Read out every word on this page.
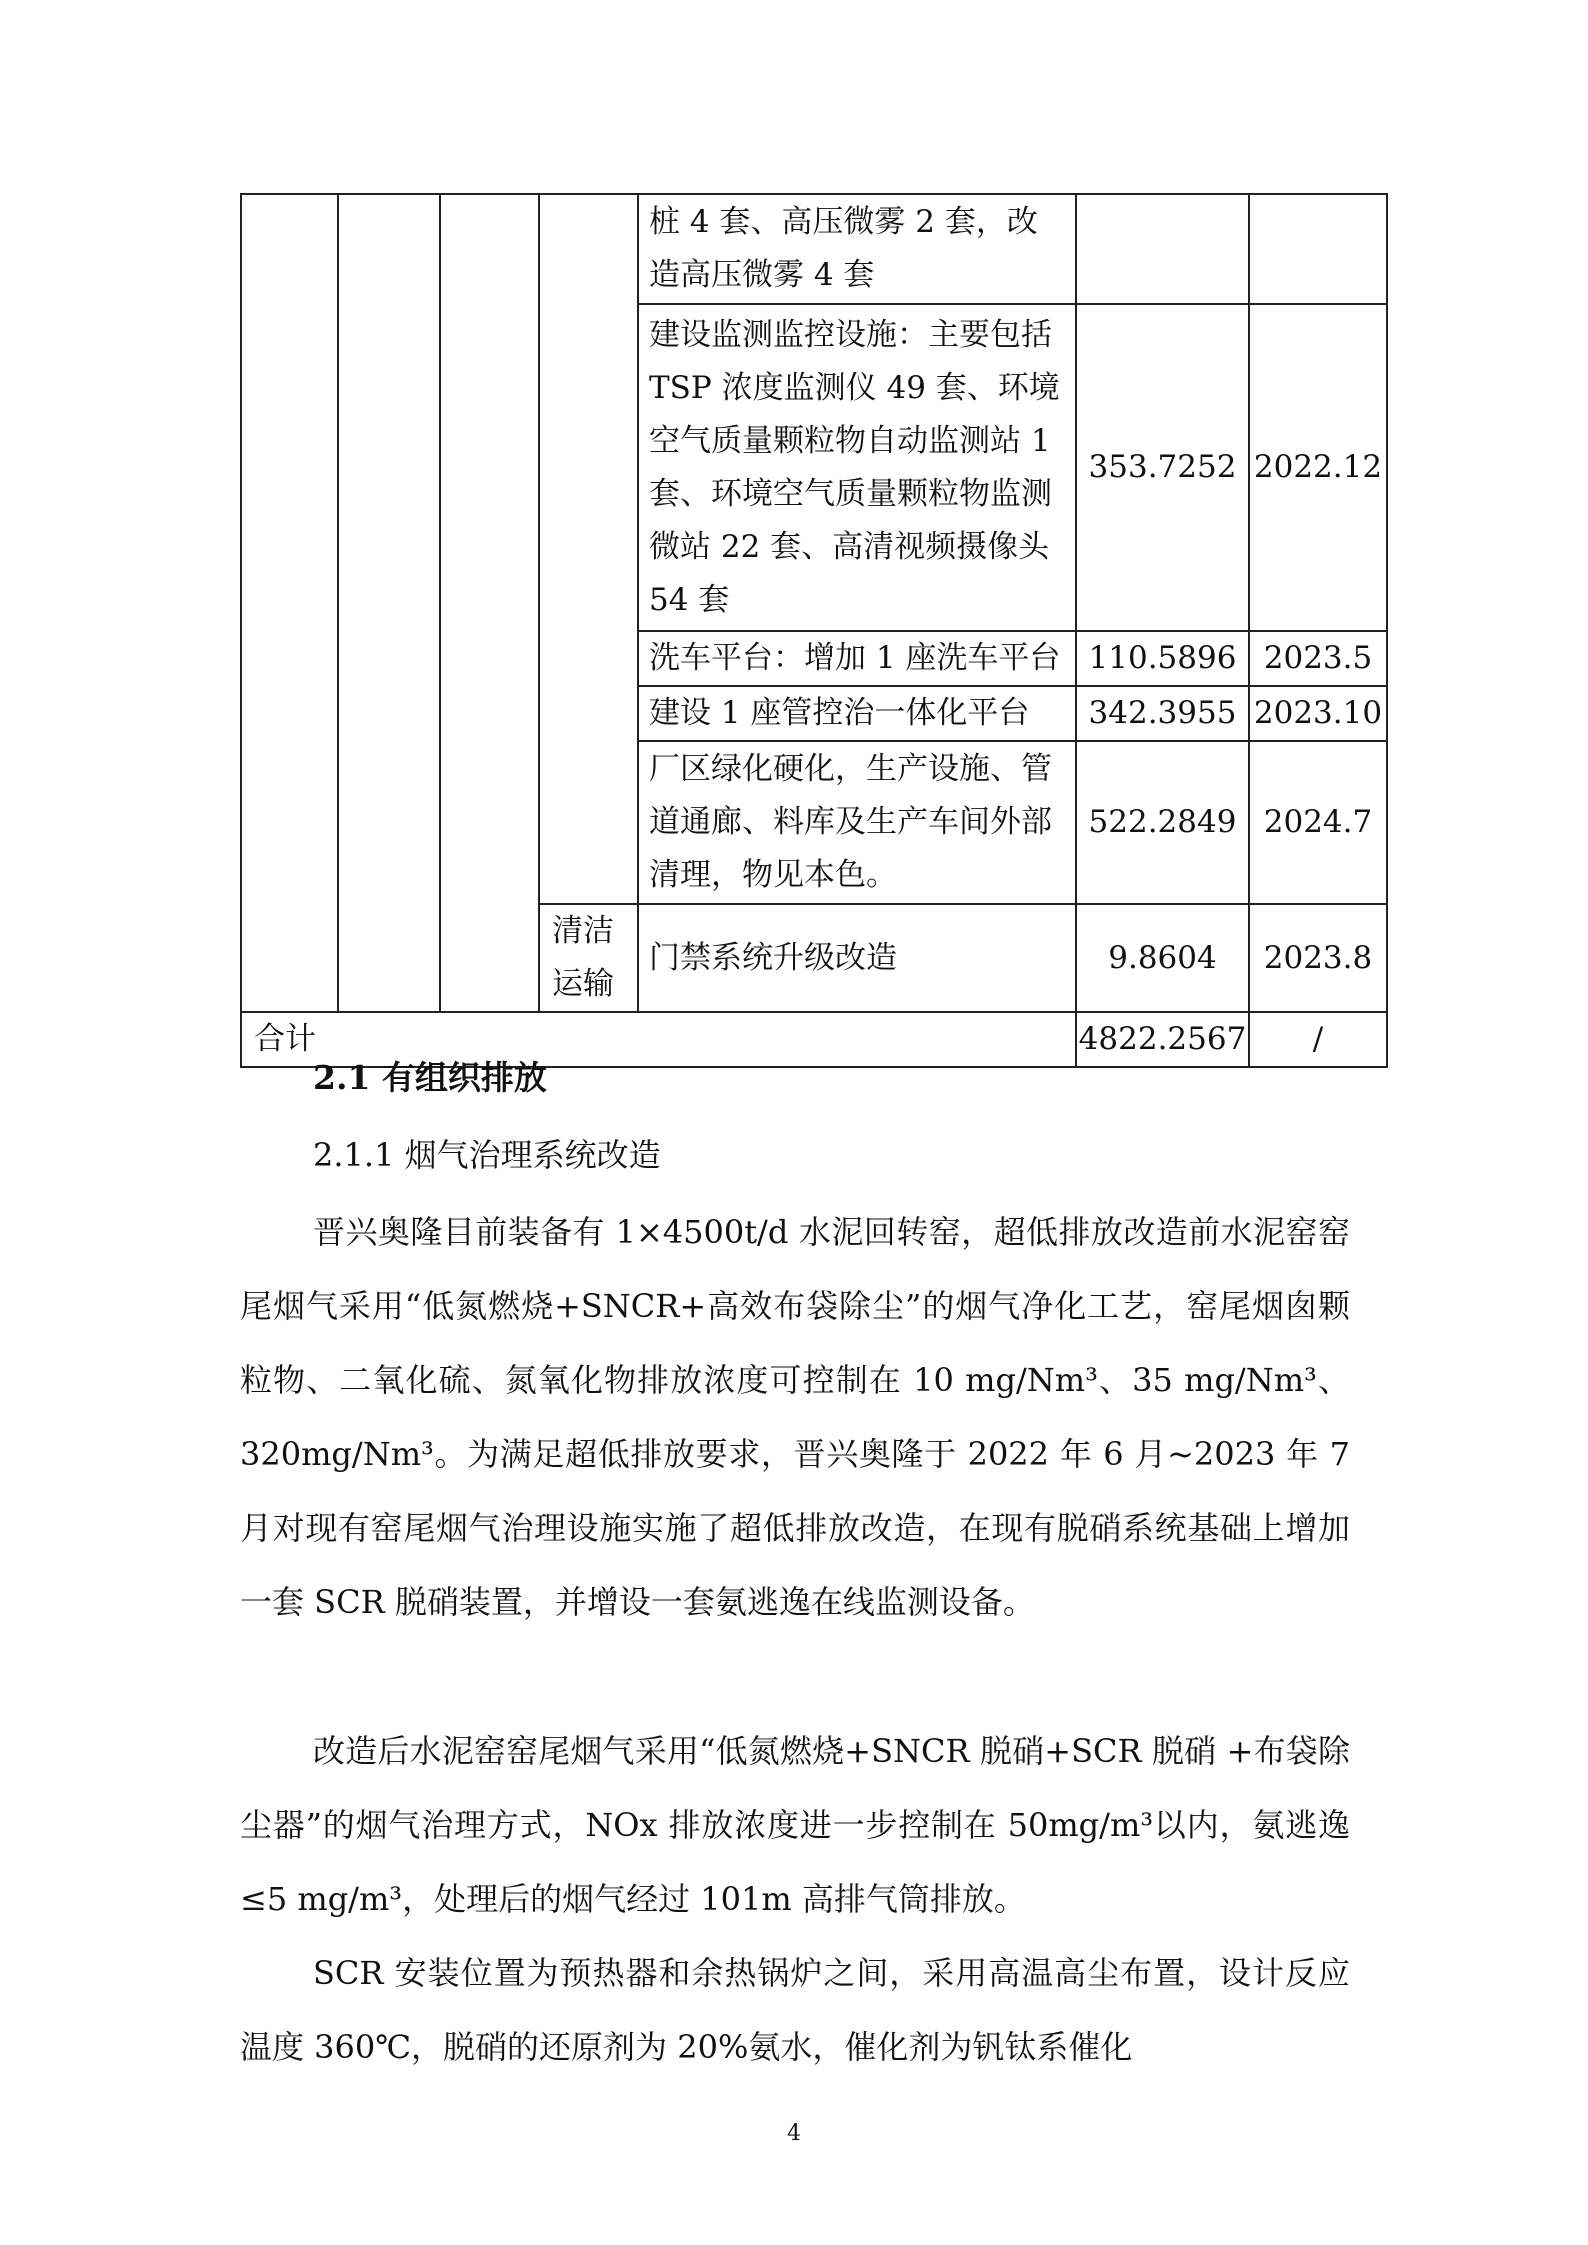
				桩 4 套、高压微雾 2 套，改造高压微雾 4 套		
				建设监测监控设施：主要包括 TSP 浓度监测仪 49 套、环境空气质量颗粒物自动监测站 1 套、环境空气质量颗粒物监测微站 22 套、高清视频摄像头 54 套	353.7252	2022.12
				洗车平台：增加 1 座洗车平台	110.5896	2023.5
				建设 1 座管控治一体化平台	342.3955	2023.10
				厂区绿化硬化，生产设施、管道通廊、料库及生产车间外部清理，物见本色。	522.2849	2024.7
			清洁运输	门禁系统升级改造	9.8604	2023.8
合计					4822.2567	/
2.1 有组织排放
2.1.1 烟气治理系统改造

晋兴奥隆目前装备有 1×4500t/d 水泥回转窑，超低排放改造前水泥窑窑尾烟气采用“低氮燃烧+SNCR+高效布袋除尘”的烟气净化工艺，窑尾烟囱颗粒物、二氧化硫、氮氧化物排放浓度可控制在 10 mg/Nm³、35 mg/Nm³、320mg/Nm³。为满足超低排放要求，晋兴奥隆于 2022 年 6 月~2023 年 7 月对现有窑尾烟气治理设施实施了超低排放改造，在现有脱硝系统基础上增加一套 SCR 脱硝装置，并增设一套氨逃逸在线监测设备。

改造后水泥窑窑尾烟气采用“低氮燃烧+SNCR 脱硝+SCR 脱硝 +布袋除尘器”的烟气治理方式，NOx 排放浓度进一步控制在 50mg/m³以内，氨逃逸≤5 mg/m³，处理后的烟气经过 101m 高排气筒排放。

SCR 安装位置为预热器和余热锅炉之间，采用高温高尘布置，设计反应温度 360℃，脱硝的还原剂为 20%氨水，催化剂为钒钛系催化

4
